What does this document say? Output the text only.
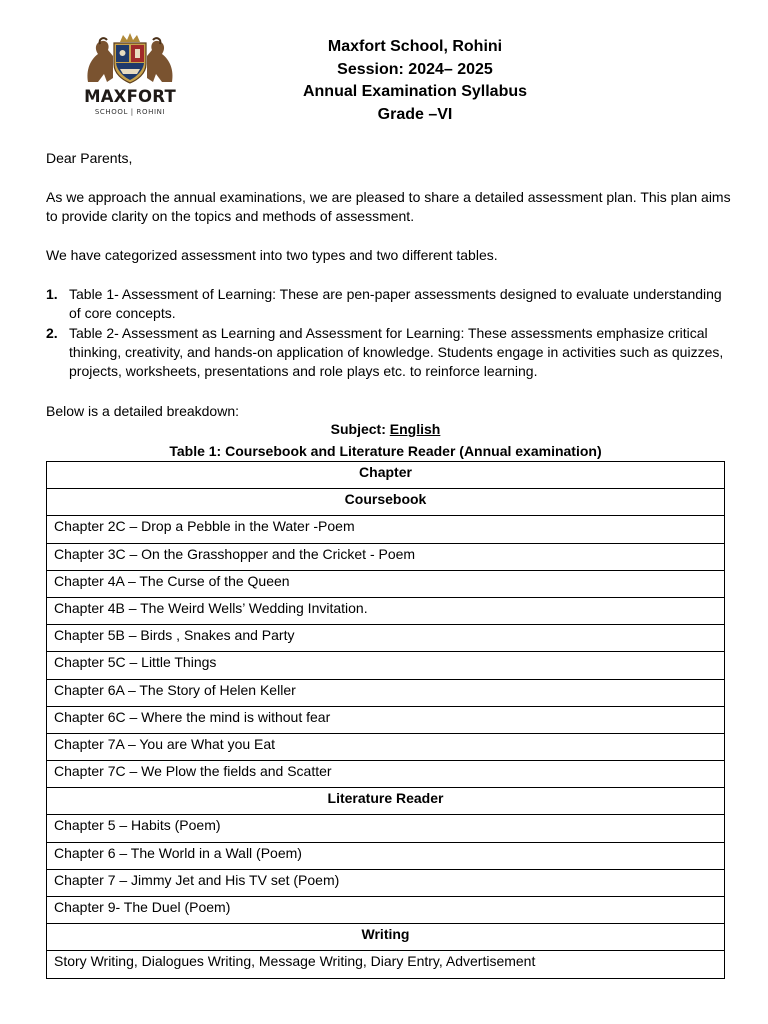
MAXFORT
SCHOOL | ROHINI
Maxfort School, Rohini
Session: 2024– 2025
Annual Examination Syllabus
Grade –VI
Dear Parents,
As we approach the annual examinations, we are pleased to share a detailed assessment plan. This plan aims to provide clarity on the topics and methods of assessment.
We have categorized assessment into two types and two different tables.
1. Table 1- Assessment of Learning: These are pen-paper assessments designed to evaluate understanding of core concepts.
2. Table 2- Assessment as Learning and Assessment for Learning: These assessments emphasize critical thinking, creativity, and hands-on application of knowledge. Students engage in activities such as quizzes, projects, worksheets, presentations and role plays etc. to reinforce learning.
Below is a detailed breakdown:
Subject: English
Table 1: Coursebook and Literature Reader (Annual examination)
Chapter
Coursebook
Chapter 2C – Drop a Pebble in the Water -Poem
Chapter 3C – On the Grasshopper and the Cricket - Poem
Chapter 4A – The Curse of the Queen
Chapter 4B – The Weird Wells’ Wedding Invitation.
Chapter 5B – Birds , Snakes and Party
Chapter 5C – Little Things
Chapter 6A – The Story of Helen Keller
Chapter 6C – Where the mind is without fear
Chapter 7A – You are What you Eat
Chapter 7C – We Plow the fields and Scatter
Literature Reader
Chapter 5 – Habits (Poem)
Chapter 6 – The World in a Wall (Poem)
Chapter 7 – Jimmy Jet and His TV set (Poem)
Chapter 9- The Duel (Poem)
Writing
Story Writing, Dialogues Writing, Message Writing, Diary Entry, Advertisement
